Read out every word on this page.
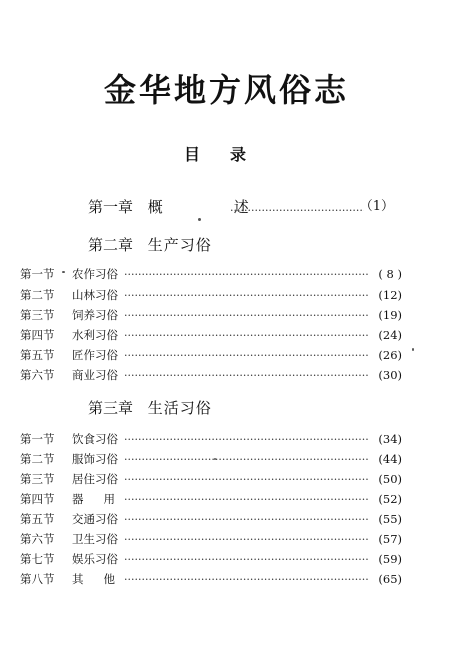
金华地方风俗志
目录
第一章 概　述 ·····	（1）
第二章 生产习俗
第一节	农作习俗 ·····	( 8 )
第二节	山林习俗 ·····	(12)
第三节	饲养习俗 ·····	(19)
第四节	水利习俗 ·····	(24)
第五节	匠作习俗 ·····	(26)
第六节	商业习俗 ·····	(30)
第三章 生活习俗
第一节	饮食习俗 ·····	(34)
第二节	服饰习俗 ·····	(44)
第三节	居住习俗 ·····	(50)
第四节	器用 ·····	(52)
第五节	交通习俗 ·····	(55)
第六节	卫生习俗 ·····	(57)
第七节	娱乐习俗 ·····	(59)
第八节	其他 ·····	(65)
